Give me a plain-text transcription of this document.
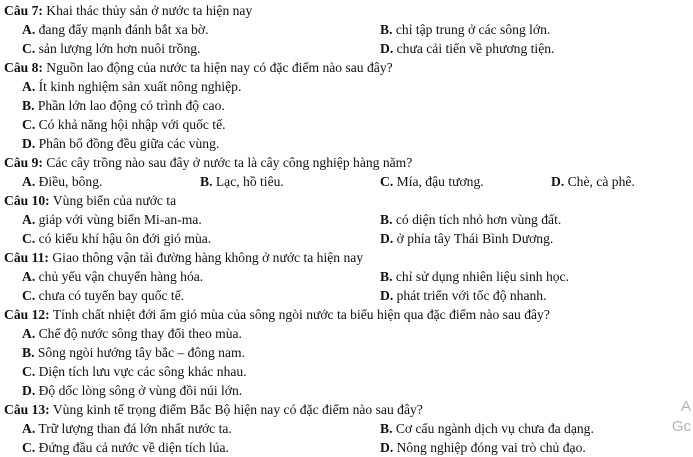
Câu 7: Khai thác thủy sản ở nước ta hiện nay
A. đang đẩy mạnh đánh bắt xa bờ.	B. chỉ tập trung ở các sông lớn.
C. sản lượng lớn hơn nuôi trồng.	D. chưa cải tiến về phương tiện.
Câu 8: Nguồn lao động của nước ta hiện nay có đặc điểm nào sau đây?
A. Ít kinh nghiệm sản xuất nông nghiệp.
B. Phần lớn lao động có trình độ cao.
C. Có khả năng hội nhập với quốc tế.
D. Phân bố đồng đều giữa các vùng.
Câu 9: Các cây trồng nào sau đây ở nước ta là cây công nghiệp hàng năm?
A. Điều, bông.	B. Lạc, hồ tiêu.	C. Mía, đậu tương.	D. Chè, cà phê.
Câu 10: Vùng biển của nước ta
A. giáp với vùng biển Mi-an-ma.	B. có diện tích nhỏ hơn vùng đất.
C. có kiểu khí hậu ôn đới gió mùa.	D. ở phía tây Thái Bình Dương.
Câu 11: Giao thông vận tải đường hàng không ở nước ta hiện nay
A. chủ yếu vận chuyển hàng hóa.	B. chỉ sử dụng nhiên liệu sinh học.
C. chưa có tuyến bay quốc tế.	D. phát triển với tốc độ nhanh.
Câu 12: Tính chất nhiệt đới ẩm gió mùa của sông ngòi nước ta biểu hiện qua đặc điểm nào sau đây?
A. Chế độ nước sông thay đổi theo mùa.
B. Sông ngòi hướng tây bắc – đông nam.
C. Diện tích lưu vực các sông khác nhau.
D. Độ dốc lòng sông ở vùng đồi núi lớn.
Câu 13: Vùng kinh tế trọng điểm Bắc Bộ hiện nay có đặc điểm nào sau đây?
A. Trữ lượng than đá lớn nhất nước ta.	B. Cơ cấu ngành dịch vụ chưa đa dạng.
C. Đứng đầu cả nước về diện tích lúa.	D. Nông nghiệp đóng vai trò chủ đạo.
A
Gc
